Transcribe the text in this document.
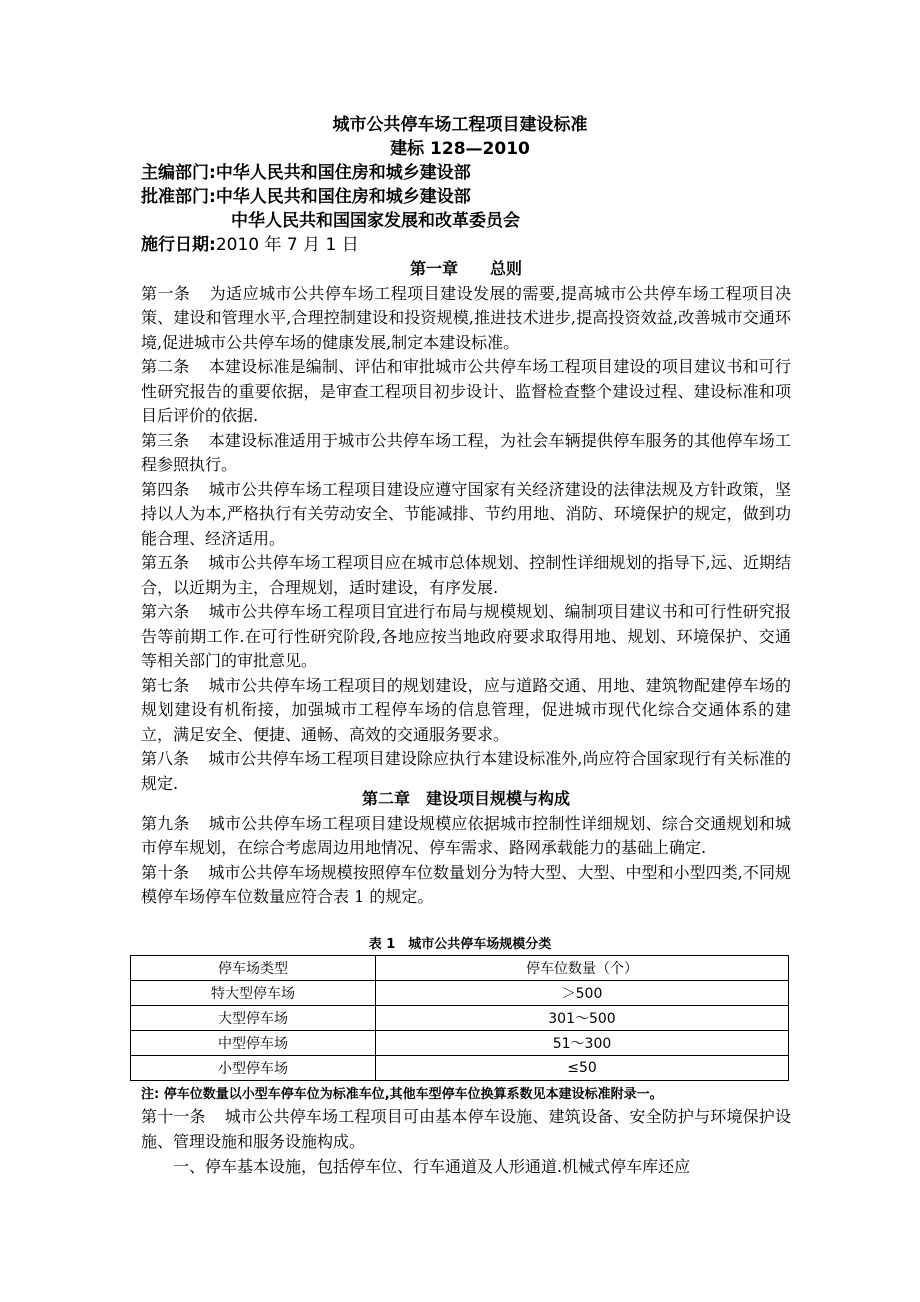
城市公共停车场工程项目建设标准
建标 128—2010
主编部门:中华人民共和国住房和城乡建设部
批准部门:中华人民共和国住房和城乡建设部
中华人民共和国国家发展和改革委员会
施行日期:2010 年 7 月 1 日
第一章　　总则
第一条 为适应城市公共停车场工程项目建设发展的需要,提高城市公共停车场工程项目决策、建设和管理水平,合理控制建设和投资规模,推进技术进步,提高投资效益,改善城市交通环境,促进城市公共停车场的健康发展,制定本建设标准。
第二条 本建设标准是编制、评估和审批城市公共停车场工程项目建设的项目建议书和可行性研究报告的重要依据，是审查工程项目初步设计、监督检查整个建设过程、建设标准和项目后评价的依据.
第三条 本建设标准适用于城市公共停车场工程，为社会车辆提供停车服务的其他停车场工程参照执行。
第四条 城市公共停车场工程项目建设应遵守国家有关经济建设的法律法规及方针政策，坚持以人为本,严格执行有关劳动安全、节能减排、节约用地、消防、环境保护的规定，做到功能合理、经济适用。
第五条 城市公共停车场工程项目应在城市总体规划、控制性详细规划的指导下,远、近期结合，以近期为主，合理规划，适时建设，有序发展.
第六条 城市公共停车场工程项目宜进行布局与规模规划、编制项目建议书和可行性研究报告等前期工作.在可行性研究阶段,各地应按当地政府要求取得用地、规划、环境保护、交通等相关部门的审批意见。
第七条 城市公共停车场工程项目的规划建设，应与道路交通、用地、建筑物配建停车场的规划建设有机衔接，加强城市工程停车场的信息管理，促进城市现代化综合交通体系的建立，满足安全、便捷、通畅、高效的交通服务要求。
第八条 城市公共停车场工程项目建设除应执行本建设标准外,尚应符合国家现行有关标准的规定.
第二章　建设项目规模与构成
第九条 城市公共停车场工程项目建设规模应依据城市控制性详细规划、综合交通规划和城市停车规划，在综合考虑周边用地情况、停车需求、路网承载能力的基础上确定.
第十条 城市公共停车场规模按照停车位数量划分为特大型、大型、中型和小型四类,不同规模停车场停车位数量应符合表 1 的规定。
表 1　城市公共停车场规模分类
停车场类型	停车位数量（个）
特大型停车场	＞500
大型停车场	301～500
中型停车场	51～300
小型停车场	≤50
注: 停车位数量以小型车停车位为标准车位,其他车型停车位换算系数见本建设标准附录一。
第十一条 城市公共停车场工程项目可由基本停车设施、建筑设备、安全防护与环境保护设施、管理设施和服务设施构成。
一、停车基本设施，包括停车位、行车通道及人形通道.机械式停车库还应
